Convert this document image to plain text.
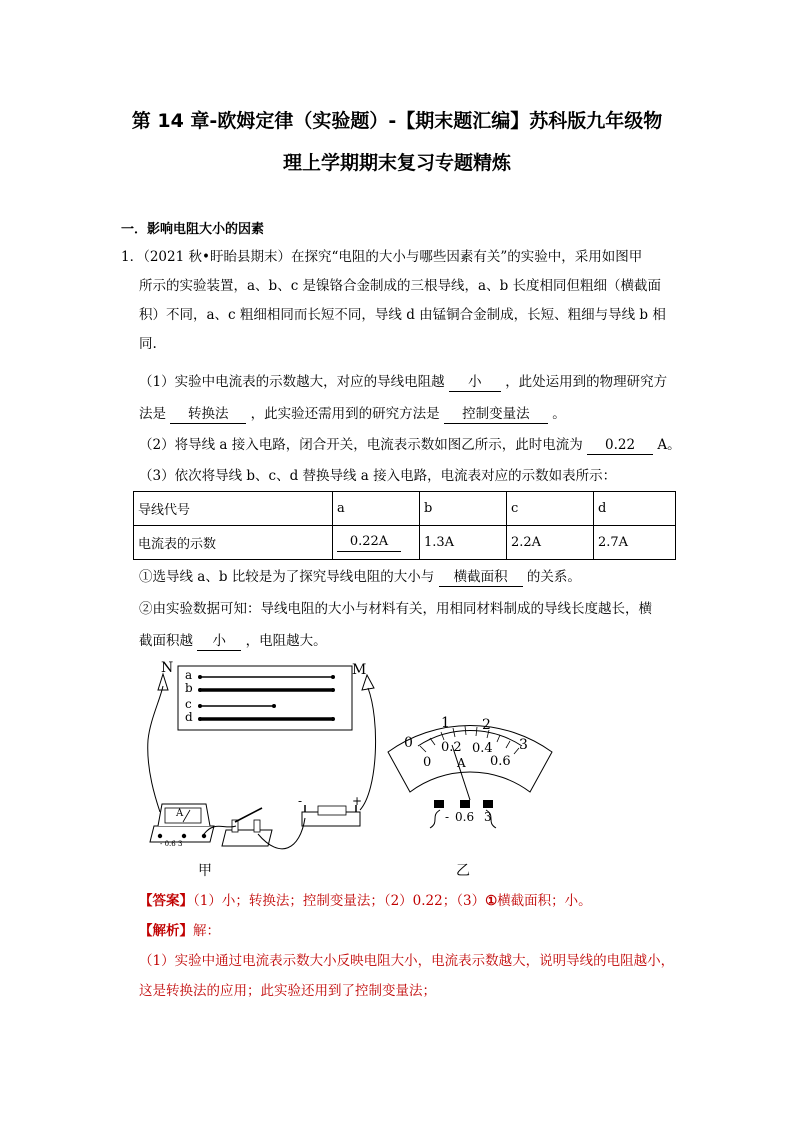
第 14 章-欧姆定律（实验题）-【期末题汇编】苏科版九年级物
理上学期期末复习专题精炼
一．影响电阻大小的因素
1．（2021 秋•盱眙县期末）在探究“电阻的大小与哪些因素有关”的实验中，采用如图甲
所示的实验装置，a、b、c 是镍铬合金制成的三根导线，a、b 长度相同但粗细（横截面
积）不同，a、c 粗细相同而长短不同，导线 d 由锰铜合金制成，长短、粗细与导线 b 相
同.
（1）实验中电流表的示数越大，对应的导线电阻越 小 ，此处运用到的物理研究方
法是 转换法 ，此实验还需用到的研究方法是 控制变量法 。
（2）将导线 a 接入电路，闭合开关，电流表示数如图乙所示，此时电流为 0.22 A。
（3）依次将导线 b、c、d 替换导线 a 接入电路，电流表对应的示数如表所示：
导线代号	a	b	c	d
电流表的示数	0.22A	1.3A	2.2A	2.7A
①选导线 a、b 比较是为了探究导线电阻的大小与 横截面积 的关系。
②由实验数据可知：导线电阻的大小与材料有关，用相同材料制成的导线长度越长，横
截面积越 小 ，电阻越大。
N	M
a
b
c
d
A
- 0.6 3
-	+
甲
0
1 2
3
0
0.2 0.4
0.6
A
- 0.6 3
乙
【答案】（1）小；转换法；控制变量法；（2）0.22；（3）①横截面积；小。
【解析】解：
（1）实验中通过电流表示数大小反映电阻大小，电流表示数越大，说明导线的电阻越小，
这是转换法的应用；此实验还用到了控制变量法；
